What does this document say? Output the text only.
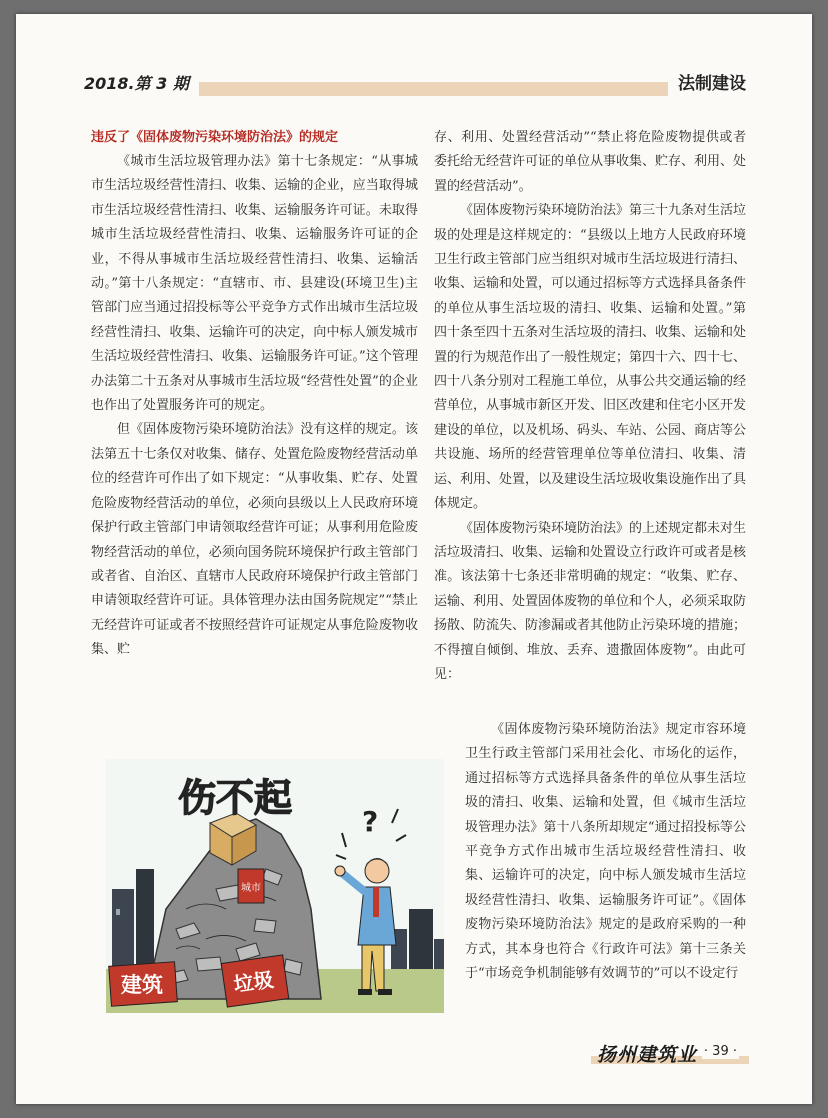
2018.第 3 期	法制建设

违反了《固体废物污染环境防治法》的规定

《城市生活垃圾管理办法》第十七条规定：“从事城市生活垃圾经营性清扫、收集、运输的企业，应当取得城市生活垃圾经营性清扫、收集、运输服务许可证。未取得城市生活垃圾经营性清扫、收集、运输服务许可证的企业，不得从事城市生活垃圾经营性清扫、收集、运输活动。”第十八条规定：“直辖市、市、县建设(环境卫生)主管部门应当通过招投标等公平竞争方式作出城市生活垃圾经营性清扫、收集、运输许可的决定，向中标人颁发城市生活垃圾经营性清扫、收集、运输服务许可证。”这个管理办法第二十五条对从事城市生活垃圾“经营性处置”的企业也作出了处置服务许可的规定。

但《固体废物污染环境防治法》没有这样的规定。该法第五十七条仅对收集、储存、处置危险废物经营活动单位的经营许可作出了如下规定：“从事收集、贮存、处置危险废物经营活动的单位，必须向县级以上人民政府环境保护行政主管部门申请领取经营许可证；从事利用危险废物经营活动的单位，必须向国务院环境保护行政主管部门或者省、自治区、直辖市人民政府环境保护行政主管部门申请领取经营许可证。具体管理办法由国务院规定”“禁止无经营许可证或者不按照经营许可证规定从事危险废物收集、贮

存、利用、处置经营活动”“禁止将危险废物提供或者委托给无经营许可证的单位从事收集、贮存、利用、处置的经营活动”。

《固体废物污染环境防治法》第三十九条对生活垃圾的处理是这样规定的：“县级以上地方人民政府环境卫生行政主管部门应当组织对城市生活垃圾进行清扫、收集、运输和处置，可以通过招标等方式选择具备条件的单位从事生活垃圾的清扫、收集、运输和处置。”第四十条至四十五条对生活垃圾的清扫、收集、运输和处置的行为规范作出了一般性规定；第四十六、四十七、四十八条分别对工程施工单位，从事公共交通运输的经营单位，从事城市新区开发、旧区改建和住宅小区开发建设的单位，以及机场、码头、车站、公园、商店等公共设施、场所的经营管理单位等单位清扫、收集、清运、利用、处置，以及建设生活垃圾收集设施作出了具体规定。

《固体废物污染环境防治法》的上述规定都未对生活垃圾清扫、收集、运输和处置设立行政许可或者是核准。该法第十七条还非常明确的规定：“收集、贮存、运输、利用、处置固体废物的单位和个人，必须采取防扬散、防流失、防渗漏或者其他防止污染环境的措施；不得擅自倾倒、堆放、丢弃、遗撒固体废物”。由此可见：

《固体废物污染环境防治法》规定市容环境卫生行政主管部门采用社会化、市场化的运作，通过招标等方式选择具备条件的单位从事生活垃圾的清扫、收集、运输和处置，但《城市生活垃圾管理办法》第十八条所却规定“通过招投标等公平竞争方式作出城市生活垃圾经营性清扫、收集、运输许可的决定，向中标人颁发城市生活垃圾经营性清扫、收集、运输服务许可证”。《固体废物污染环境防治法》规定的是政府采购的一种方式，其本身也符合《行政许可法》第十三条关于“市场竞争机制能够有效调节的”可以不设定行

城市
伤不起
建筑	垃圾
?
扬州建筑业 · 39 ·
